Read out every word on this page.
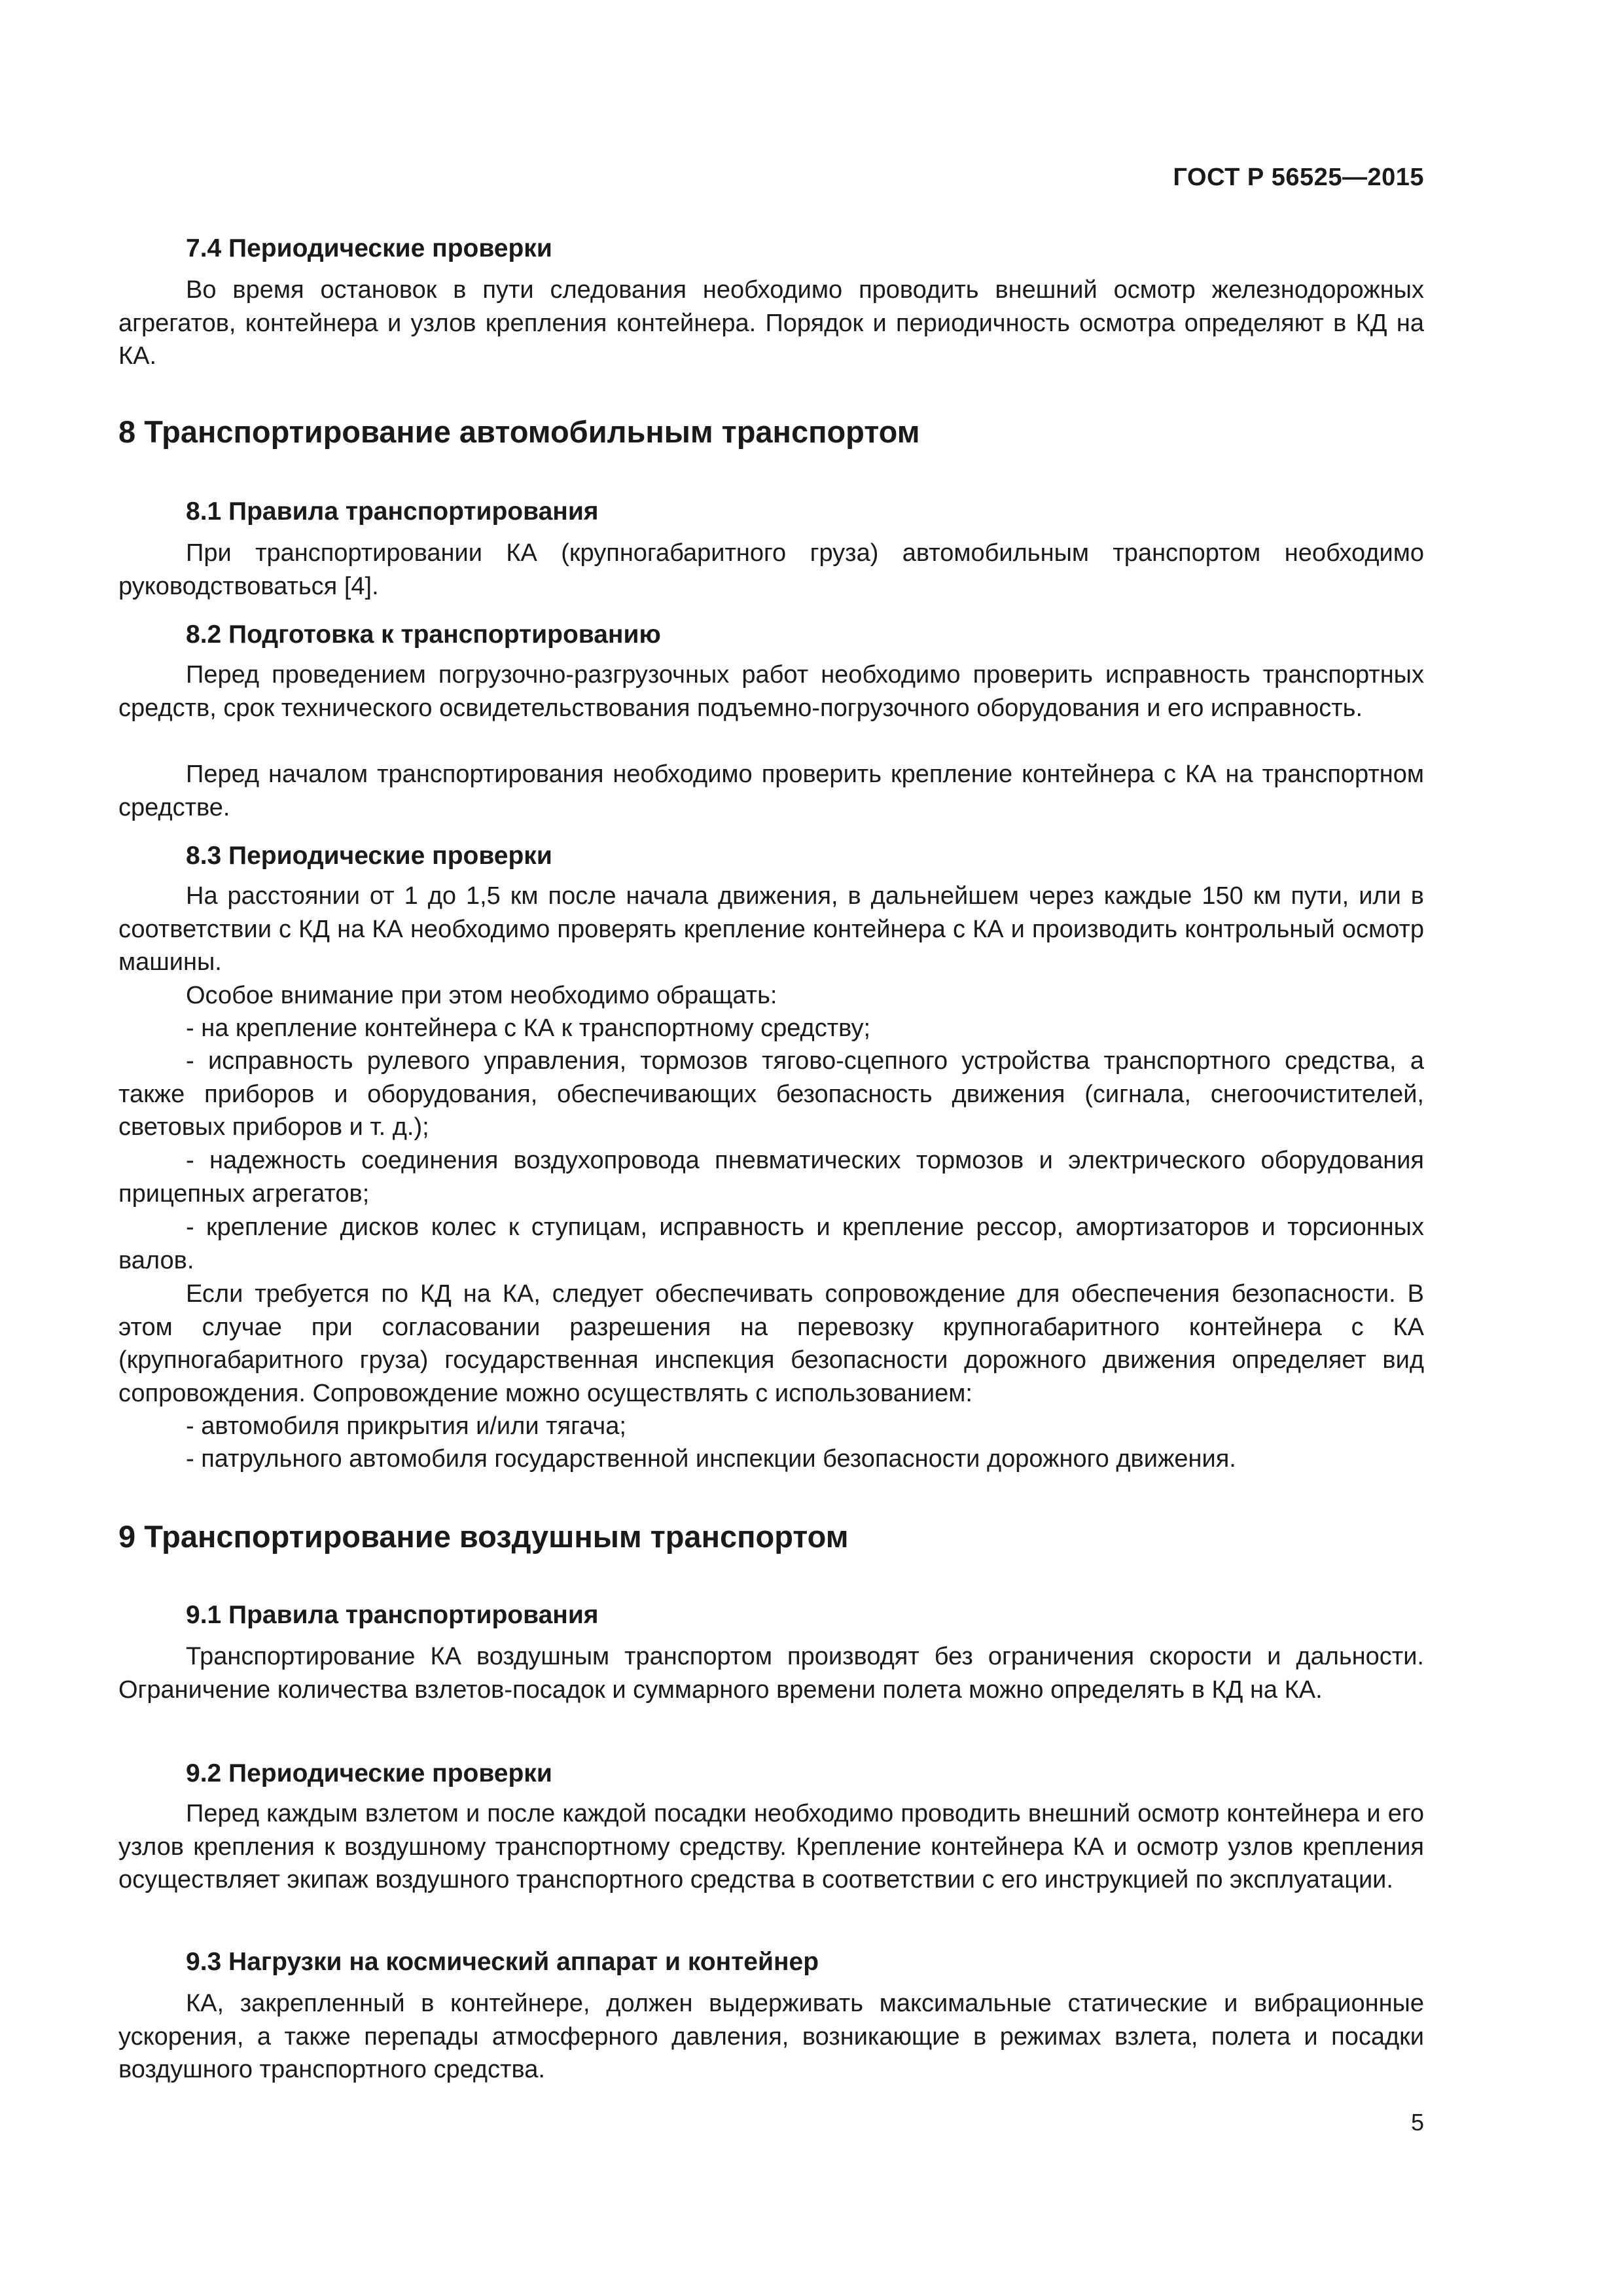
ГОСТ Р 56525—2015
7.4 Периодические проверки

Во время остановок в пути следования необходимо проводить внешний осмотр железнодорожных агрегатов, контейнера и узлов крепления контейнера. Порядок и периодичность осмотра определяют в КД на КА.

8 Транспортирование автомобильным транспортом
8.1 Правила транспортирования

При транспортировании КА (крупногабаритного груза) автомобильным транспортом необходимо руководствоваться [4].

8.2 Подготовка к транспортированию

Перед проведением погрузочно-разгрузочных работ необходимо проверить исправность транспортных средств, срок технического освидетельствования подъемно-погрузочного оборудования и его исправность.

Перед началом транспортирования необходимо проверить крепление контейнера с КА на транспортном средстве.

8.3 Периодические проверки

На расстоянии от 1 до 1,5 км после начала движения, в дальнейшем через каждые 150 км пути, или в соответствии с КД на КА необходимо проверять крепление контейнера с КА и производить контрольный осмотр машины.

Особое внимание при этом необходимо обращать:

- на крепление контейнера с КА к транспортному средству;

- исправность рулевого управления, тормозов тягово-сцепного устройства транспортного средства, а также приборов и оборудования, обеспечивающих безопасность движения (сигнала, снегоочистителей, световых приборов и т. д.);

- надежность соединения воздухопровода пневматических тормозов и электрического оборудования прицепных агрегатов;

- крепление дисков колес к ступицам, исправность и крепление рессор, амортизаторов и торсионных валов.

Если требуется по КД на КА, следует обеспечивать сопровождение для обеспечения безопасности. В этом случае при согласовании разрешения на перевозку крупногабаритного контейнера с КА (крупногабаритного груза) государственная инспекция безопасности дорожного движения определяет вид сопровождения. Сопровождение можно осуществлять с использованием:

- автомобиля прикрытия и/или тягача;

- патрульного автомобиля государственной инспекции безопасности дорожного движения.

9 Транспортирование воздушным транспортом
9.1 Правила транспортирования

Транспортирование КА воздушным транспортом производят без ограничения скорости и дальности. Ограничение количества взлетов-посадок и суммарного времени полета можно определять в КД на КА.

9.2 Периодические проверки

Перед каждым взлетом и после каждой посадки необходимо проводить внешний осмотр контейнера и его узлов крепления к воздушному транспортному средству. Крепление контейнера КА и осмотр узлов крепления осуществляет экипаж воздушного транспортного средства в соответствии с его инструкцией по эксплуатации.

9.3 Нагрузки на космический аппарат и контейнер

КА, закрепленный в контейнере, должен выдерживать максимальные статические и вибрационные ускорения, а также перепады атмосферного давления, возникающие в режимах взлета, полета и посадки воздушного транспортного средства.

5
